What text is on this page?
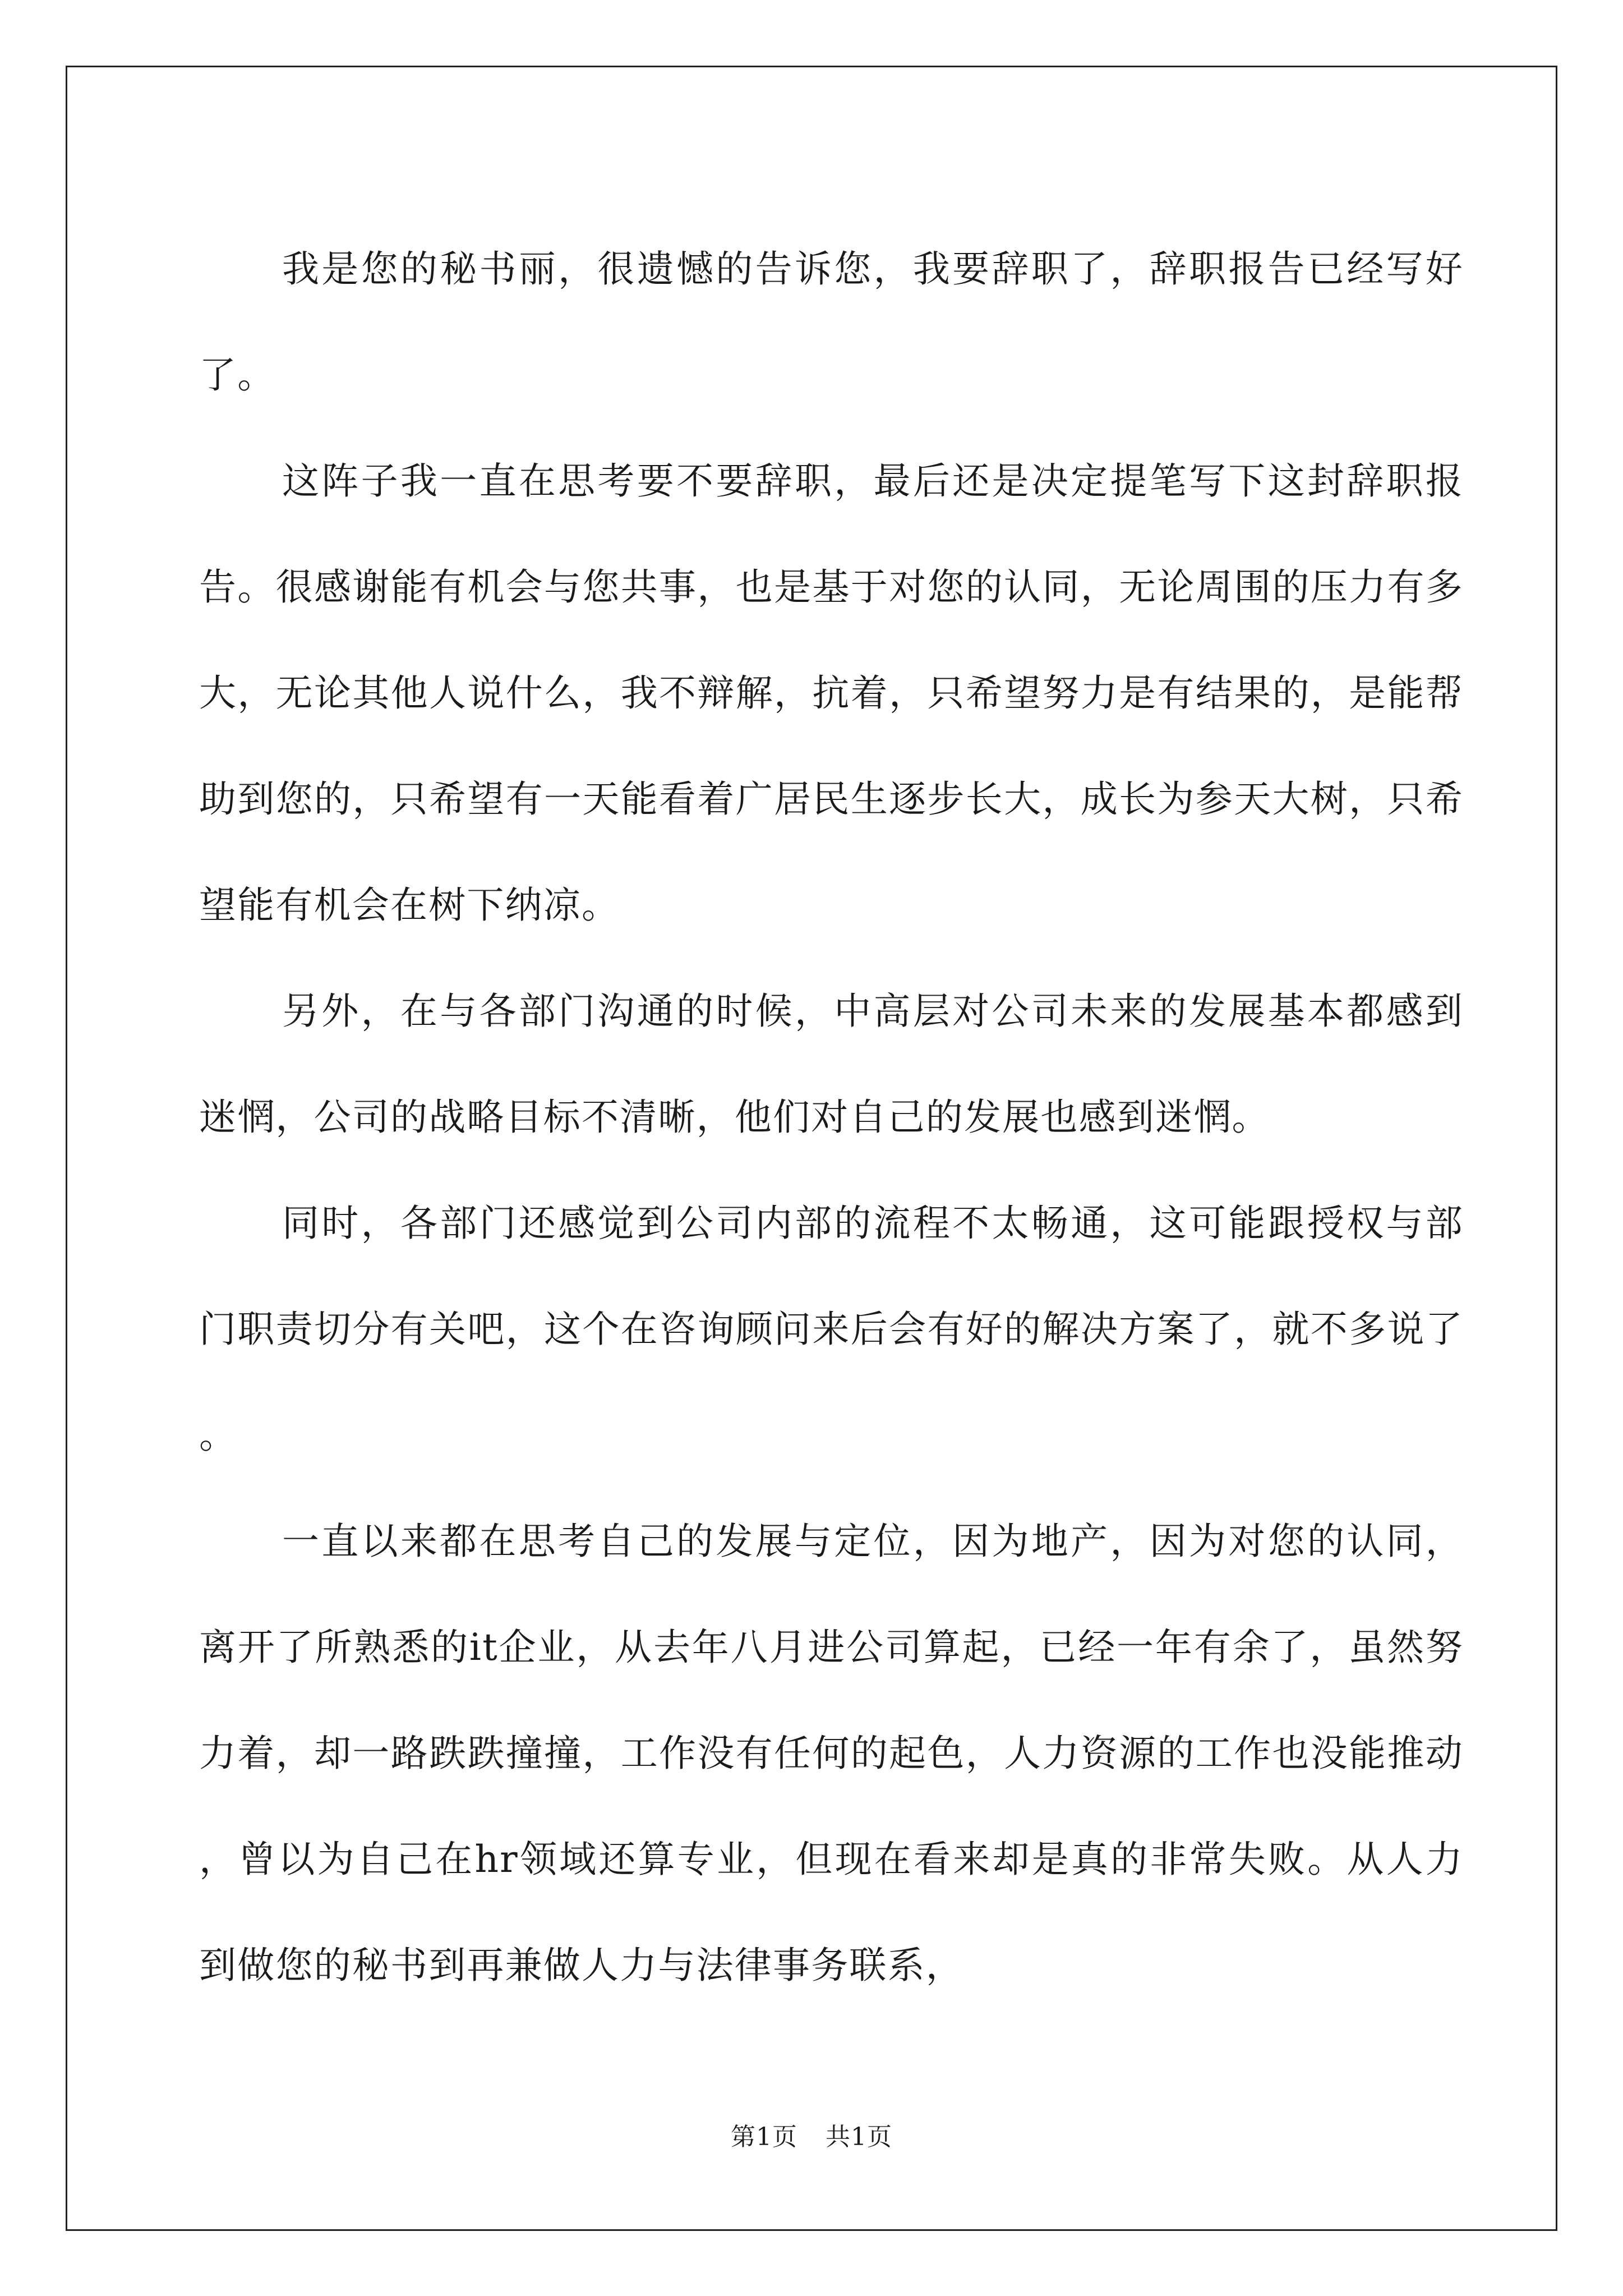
我是您的秘书丽，很遗憾的告诉您，我要辞职了，辞职报告已经写好了。

这阵子我一直在思考要不要辞职，最后还是决定提笔写下这封辞职报告。很感谢能有机会与您共事，也是基于对您的认同，无论周围的压力有多大，无论其他人说什么，我不辩解，抗着，只希望努力是有结果的，是能帮助到您的，只希望有一天能看着广居民生逐步长大，成长为参天大树，只希望能有机会在树下纳凉。

另外，在与各部门沟通的时候，中高层对公司未来的发展基本都感到迷惘，公司的战略目标不清晰，他们对自己的发展也感到迷惘。

同时，各部门还感觉到公司内部的流程不太畅通，这可能跟授权与部门职责切分有关吧，这个在咨询顾问来后会有好的解决方案了，就不多说了。

一直以来都在思考自己的发展与定位，因为地产，因为对您的认同，离开了所熟悉的it企业，从去年八月进公司算起，已经一年有余了，虽然努力着，却一路跌跌撞撞，工作没有任何的起色，人力资源的工作也没能推动，曾以为自己在hr领域还算专业，但现在看来却是真的非常失败。从人力到做您的秘书到再兼做人力与法律事务联系，

第1页 共1页
